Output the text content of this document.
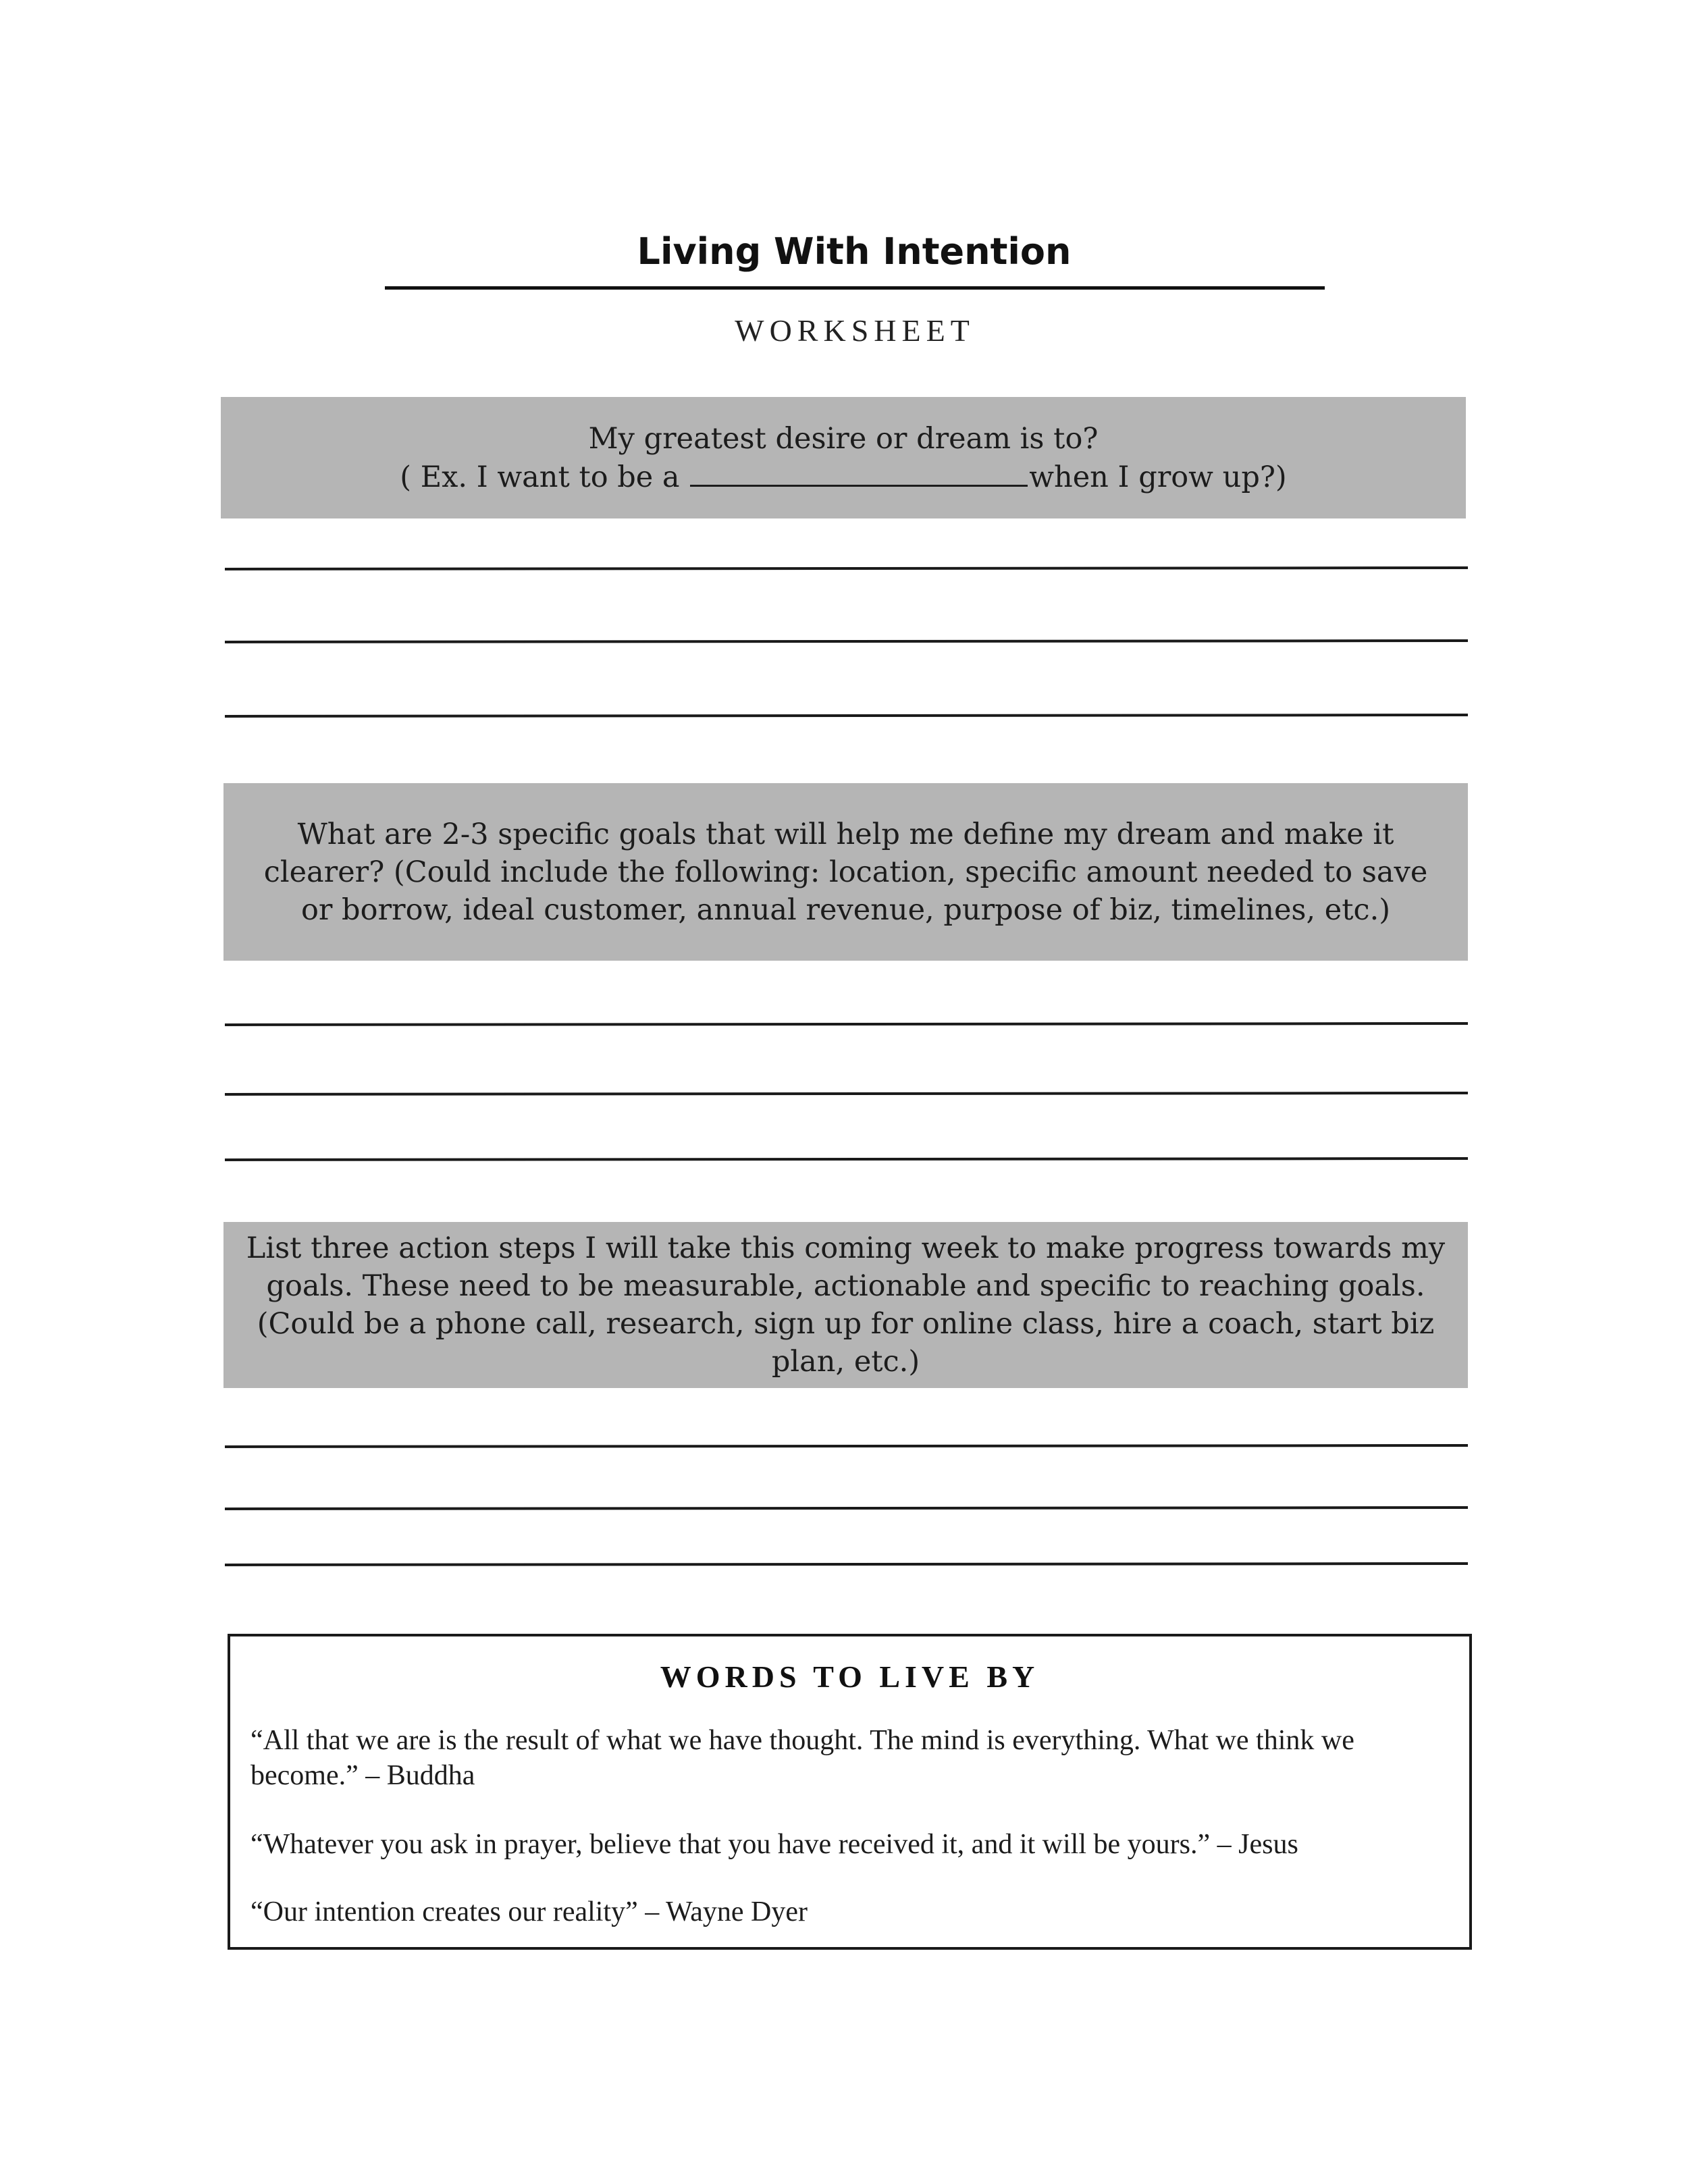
Living With Intention
WORKSHEET
My greatest desire or dream is to?
( Ex. I want to be a	when I grow up?)
What are 2-3 specific goals that will help me define my dream and make it clearer? (Could include the following: location, specific amount needed to save or borrow, ideal customer, annual revenue, purpose of biz, timelines, etc.)
List three action steps I will take this coming week to make progress towards my goals. These need to be measurable, actionable and specific to reaching goals. (Could be a phone call, research, sign up for online class, hire a coach, start biz plan, etc.)
WORDS TO LIVE BY
“All that we are is the result of what we have thought. The mind is everything. What we think we become.” – Buddha
“Whatever you ask in prayer, believe that you have received it, and it will be yours.” – Jesus
“Our intention creates our reality” – Wayne Dyer
